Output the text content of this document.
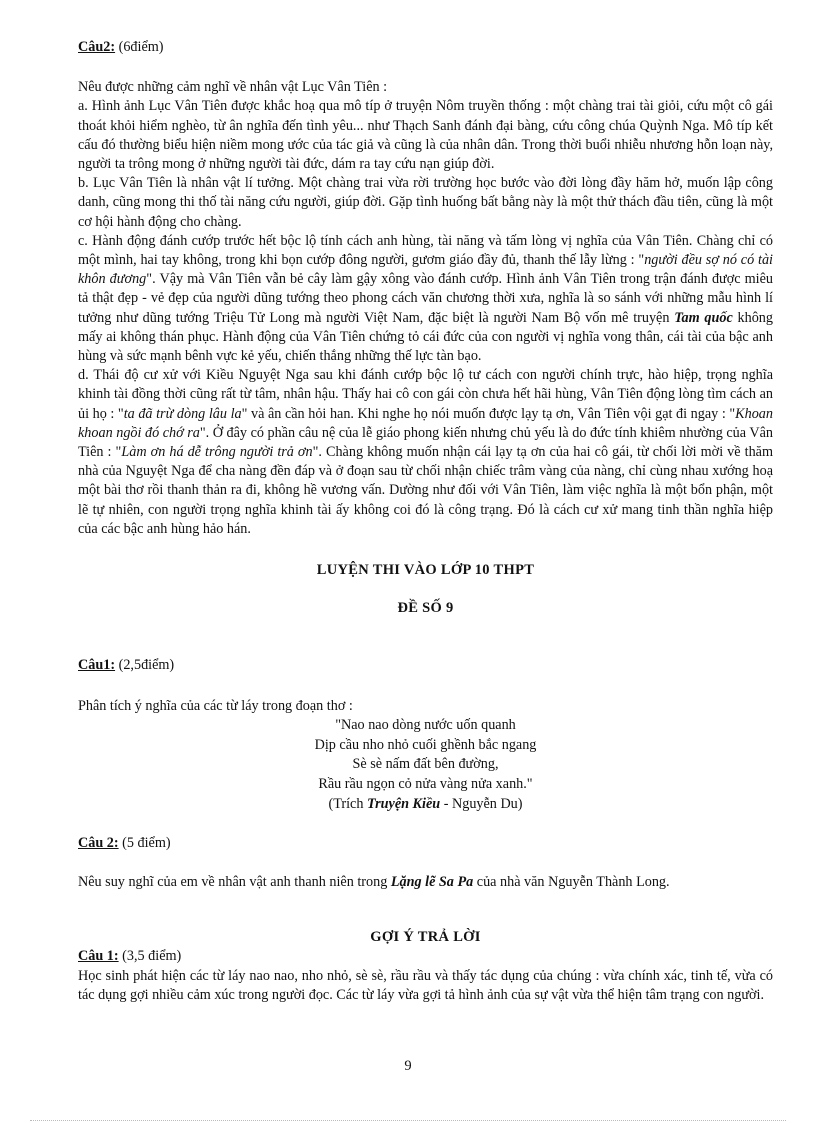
Câu2: (6điểm)

Nêu được những cảm nghĩ về nhân vật Lục Vân Tiên :

a. Hình ảnh Lục Vân Tiên được khắc hoạ qua mô típ ở truyện Nôm truyền thống : một chàng trai tài giỏi, cứu một cô gái thoát khỏi hiểm nghèo, từ ân nghĩa đến tình yêu... như Thạch Sanh đánh đại bàng, cứu công chúa Quỳnh Nga. Mô típ kết cấu đó thường biểu hiện niềm mong ước của tác giả và cũng là của nhân dân. Trong thời buổi nhiễu nhương hỗn loạn này, người ta trông mong ở những người tài đức, dám ra tay cứu nạn giúp đời.

b. Lục Vân Tiên là nhân vật lí tưởng. Một chàng trai vừa rời trường học bước vào đời lòng đầy hăm hở, muốn lập công danh, cũng mong thi thố tài năng cứu người, giúp đời. Gặp tình huống bất bằng này là một thử thách đầu tiên, cũng là một cơ hội hành động cho chàng.

c. Hành động đánh cướp trước hết bộc lộ tính cách anh hùng, tài năng và tấm lòng vị nghĩa của Vân Tiên. Chàng chỉ có một mình, hai tay không, trong khi bọn cướp đông người, gươm giáo đầy đủ, thanh thế lẫy lừng : "người đều sợ nó có tài khôn đương". Vậy mà Vân Tiên vẫn bẻ cây làm gậy xông vào đánh cướp. Hình ảnh Vân Tiên trong trận đánh được miêu tả thật đẹp - vẻ đẹp của người dũng tướng theo phong cách văn chương thời xưa, nghĩa là so sánh với những mẫu hình lí tưởng như dũng tướng Triệu Tử Long mà người Việt Nam, đặc biệt là người Nam Bộ vốn mê truyện Tam quốc không mấy ai không thán phục. Hành động của Vân Tiên chứng tỏ cái đức của con người vị nghĩa vong thân, cái tài của bậc anh hùng và sức mạnh bênh vực kẻ yếu, chiến thắng những thế lực tàn bạo.

d. Thái độ cư xử với Kiều Nguyệt Nga sau khi đánh cướp bộc lộ tư cách con người chính trực, hào hiệp, trọng nghĩa khinh tài đồng thời cũng rất từ tâm, nhân hậu. Thấy hai cô con gái còn chưa hết hãi hùng, Vân Tiên động lòng tìm cách an ủi họ : "ta đã trừ dòng lâu la" và ân cần hỏi han. Khi nghe họ nói muốn được lạy tạ ơn, Vân Tiên vội gạt đi ngay : "Khoan khoan ngồi đó chớ ra". Ở đây có phần câu nệ của lễ giáo phong kiến nhưng chủ yếu là do đức tính khiêm nhường của Vân Tiên : "Làm ơn há dễ trông người trả ơn". Chàng không muốn nhận cái lạy tạ ơn của hai cô gái, từ chối lời mời về thăm nhà của Nguyệt Nga để cha nàng đền đáp và ở đoạn sau từ chối nhận chiếc trâm vàng của nàng, chỉ cùng nhau xướng hoạ một bài thơ rồi thanh thản ra đi, không hề vương vấn. Dường như đối với Vân Tiên, làm việc nghĩa là một bổn phận, một lẽ tự nhiên, con người trọng nghĩa khinh tài ấy không coi đó là công trạng. Đó là cách cư xử mang tinh thần nghĩa hiệp của các bậc anh hùng hảo hán.

LUYỆN THI VÀO LỚP 10 THPT

ĐỀ SỐ 9

Câu1: (2,5điểm)

Phân tích ý nghĩa của các từ láy trong đoạn thơ :

"Nao nao dòng nước uốn quanh
Dịp cầu nho nhỏ cuối ghềnh bắc ngang
Sè sè nấm đất bên đường,
Rầu rầu ngọn cỏ nửa vàng nửa xanh."
(Trích Truyện Kiều - Nguyễn Du)

Câu 2: (5 điểm)

Nêu suy nghĩ của em về nhân vật anh thanh niên trong Lặng lẽ Sa Pa của nhà văn Nguyễn Thành Long.

GỢI Ý TRẢ LỜI

Câu 1: (3,5 điểm)

Học sinh phát hiện các từ láy nao nao, nho nhỏ, sè sè, rầu rầu và thấy tác dụng của chúng : vừa chính xác, tinh tế, vừa có tác dụng gợi nhiều cảm xúc trong người đọc. Các từ láy vừa gợi tả hình ảnh của sự vật vừa thể hiện tâm trạng con người.

9
